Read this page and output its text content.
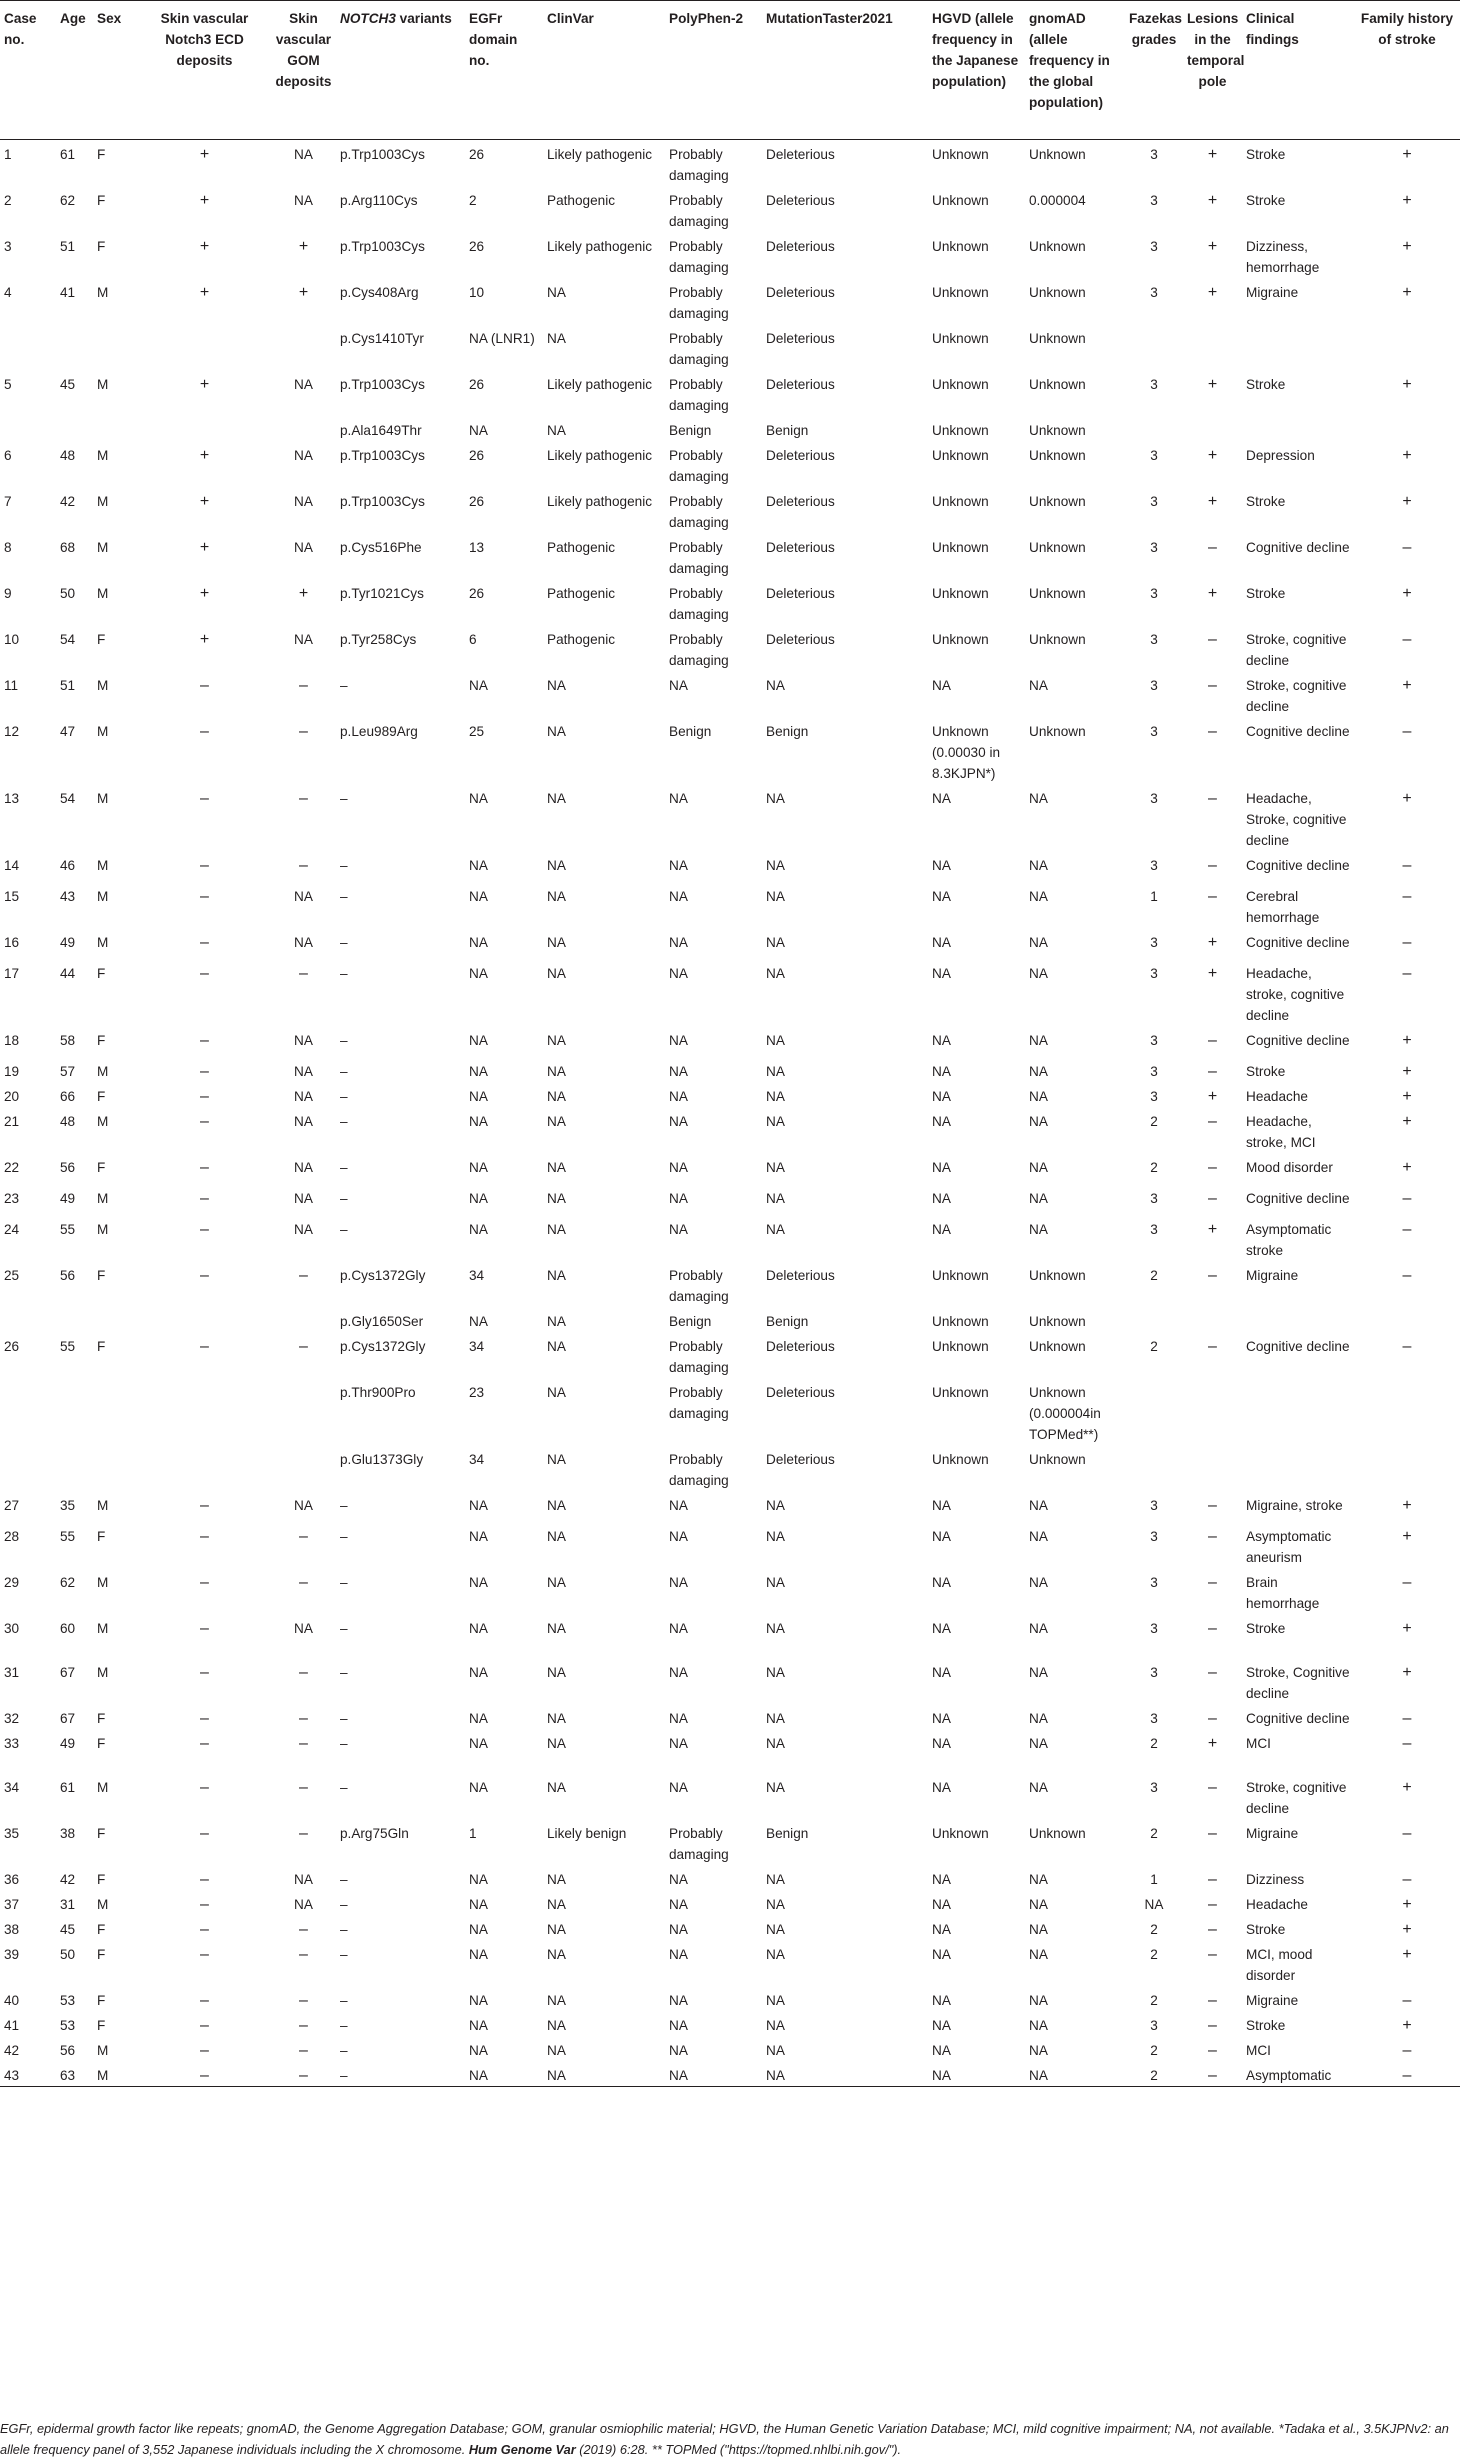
Case no.	Age	Sex	Skin vascular Notch3 ECD deposits	Skin vascular GOM deposits	NOTCH3 variants	EGFr domain no.	ClinVar	PolyPhen-2	MutationTaster2021	HGVD (allele frequency in the Japanese population)	gnomAD (allele frequency in the global population)	Fazekas grades	Lesions in the temporal pole	Clinical findings	Family history of stroke
1	61	F	+	NA	p.Trp1003Cys	26	Likely pathogenic	Probably damaging	Deleterious	Unknown	Unknown	3	+	Stroke	+
2	62	F	+	NA	p.Arg110Cys	2	Pathogenic	Probably damaging	Deleterious	Unknown	0.000004	3	+	Stroke	+
3	51	F	+	+	p.Trp1003Cys	26	Likely pathogenic	Probably damaging	Deleterious	Unknown	Unknown	3	+	Dizziness, hemorrhage	+
4	41	M	+	+	p.Cys408Arg	10	NA	Probably damaging	Deleterious	Unknown	Unknown	3	+	Migraine	+
					p.Cys1410Tyr	NA (LNR1)	NA	Probably damaging	Deleterious	Unknown	Unknown				
5	45	M	+	NA	p.Trp1003Cys	26	Likely pathogenic	Probably damaging	Deleterious	Unknown	Unknown	3	+	Stroke	+
					p.Ala1649Thr	NA	NA	Benign	Benign	Unknown	Unknown				
6	48	M	+	NA	p.Trp1003Cys	26	Likely pathogenic	Probably damaging	Deleterious	Unknown	Unknown	3	+	Depression	+
7	42	M	+	NA	p.Trp1003Cys	26	Likely pathogenic	Probably damaging	Deleterious	Unknown	Unknown	3	+	Stroke	+
8	68	M	+	NA	p.Cys516Phe	13	Pathogenic	Probably damaging	Deleterious	Unknown	Unknown	3	–	Cognitive decline	–
9	50	M	+	+	p.Tyr1021Cys	26	Pathogenic	Probably damaging	Deleterious	Unknown	Unknown	3	+	Stroke	+
10	54	F	+	NA	p.Tyr258Cys	6	Pathogenic	Probably damaging	Deleterious	Unknown	Unknown	3	–	Stroke, cognitive decline	–
11	51	M	–	–	–	NA	NA	NA	NA	NA	NA	3	–	Stroke, cognitive decline	+
12	47	M	–	–	p.Leu989Arg	25	NA	Benign	Benign	Unknown (0.00030 in 8.3KJPN*)	Unknown	3	–	Cognitive decline	–
13	54	M	–	–	–	NA	NA	NA	NA	NA	NA	3	–	Headache, Stroke, cognitive decline	+
14	46	M	–	–	–	NA	NA	NA	NA	NA	NA	3	–	Cognitive decline	–
15	43	M	–	NA	–	NA	NA	NA	NA	NA	NA	1	–	Cerebral hemorrhage	–
16	49	M	–	NA	–	NA	NA	NA	NA	NA	NA	3	+	Cognitive decline	–
17	44	F	–	–	–	NA	NA	NA	NA	NA	NA	3	+	Headache, stroke, cognitive decline	–
18	58	F	–	NA	–	NA	NA	NA	NA	NA	NA	3	–	Cognitive decline	+
19	57	M	–	NA	–	NA	NA	NA	NA	NA	NA	3	–	Stroke	+
20	66	F	–	NA	–	NA	NA	NA	NA	NA	NA	3	+	Headache	+
21	48	M	–	NA	–	NA	NA	NA	NA	NA	NA	2	–	Headache, stroke, MCI	+
22	56	F	–	NA	–	NA	NA	NA	NA	NA	NA	2	–	Mood disorder	+
23	49	M	–	NA	–	NA	NA	NA	NA	NA	NA	3	–	Cognitive decline	–
24	55	M	–	NA	–	NA	NA	NA	NA	NA	NA	3	+	Asymptomatic stroke	–
25	56	F	–	–	p.Cys1372Gly	34	NA	Probably damaging	Deleterious	Unknown	Unknown	2	–	Migraine	–
					p.Gly1650Ser	NA	NA	Benign	Benign	Unknown	Unknown				
26	55	F	–	–	p.Cys1372Gly	34	NA	Probably damaging	Deleterious	Unknown	Unknown	2	–	Cognitive decline	–
					p.Thr900Pro	23	NA	Probably damaging	Deleterious	Unknown	Unknown (0.000004in TOPMed**)				
					p.Glu1373Gly	34	NA	Probably damaging	Deleterious	Unknown	Unknown				
27	35	M	–	NA	–	NA	NA	NA	NA	NA	NA	3	–	Migraine, stroke	+
28	55	F	–	–	–	NA	NA	NA	NA	NA	NA	3	–	Asymptomatic aneurism	+
29	62	M	–	–	–	NA	NA	NA	NA	NA	NA	3	–	Brain hemorrhage	–
30	60	M	–	NA	–	NA	NA	NA	NA	NA	NA	3	–	Stroke	+
31	67	M	–	–	–	NA	NA	NA	NA	NA	NA	3	–	Stroke, Cognitive decline	+
32	67	F	–	–	–	NA	NA	NA	NA	NA	NA	3	–	Cognitive decline	–
33	49	F	–	–	–	NA	NA	NA	NA	NA	NA	2	+	MCI	–
34	61	M	–	–	–	NA	NA	NA	NA	NA	NA	3	–	Stroke, cognitive decline	+
35	38	F	–	–	p.Arg75Gln	1	Likely benign	Probably damaging	Benign	Unknown	Unknown	2	–	Migraine	–
36	42	F	–	NA	–	NA	NA	NA	NA	NA	NA	1	–	Dizziness	–
37	31	M	–	NA	–	NA	NA	NA	NA	NA	NA	NA	–	Headache	+
38	45	F	–	–	–	NA	NA	NA	NA	NA	NA	2	–	Stroke	+
39	50	F	–	–	–	NA	NA	NA	NA	NA	NA	2	–	MCI, mood disorder	+
40	53	F	–	–	–	NA	NA	NA	NA	NA	NA	2	–	Migraine	–
41	53	F	–	–	–	NA	NA	NA	NA	NA	NA	3	–	Stroke	+
42	56	M	–	–	–	NA	NA	NA	NA	NA	NA	2	–	MCI	–
43	63	M	–	–	–	NA	NA	NA	NA	NA	NA	2	–	Asymptomatic	–
EGFr, epidermal growth factor like repeats; gnomAD, the Genome Aggregation Database; GOM, granular osmiophilic material; HGVD, the Human Genetic Variation Database; MCI, mild cognitive impairment; NA, not available. *Tadaka et al., 3.5KJPNv2: an allele frequency panel of 3,552 Japanese individuals including the X chromosome. Hum Genome Var (2019) 6:28. ** TOPMed ("https://topmed.nhlbi.nih.gov/").
